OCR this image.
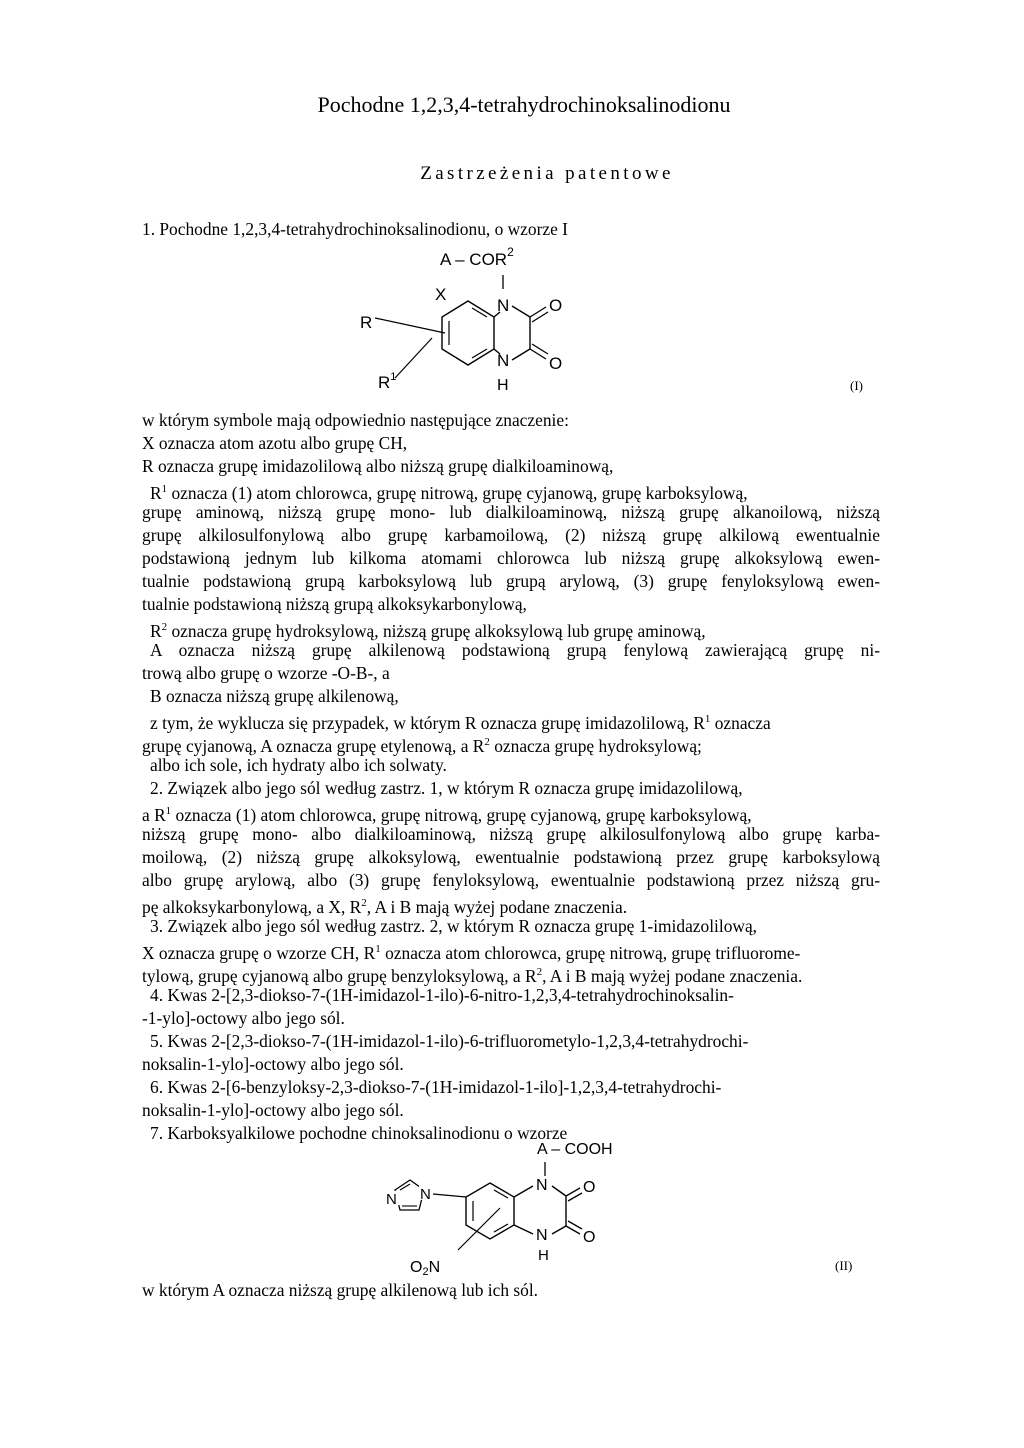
Pochodne 1,2,3,4-tetrahydrochinoksalinodionu
Zastrzeżenia patentowe
1. Pochodne 1,2,3,4-tetrahydrochinoksalinodionu, o wzorze I
A – COR$^2$
X
N O
N O
H
R
$R^1$
(I)
w którym symbole mają odpowiednio następujące znaczenie:
X oznacza atom azotu albo grupę CH,
R oznacza grupę imidazolilową albo niższą grupę dialkiloaminową,
$R^1$ oznacza (1) atom chlorowca, grupę nitrową, grupę cyjanową, grupę karboksylową,
grupę aminową, niższą grupę mono- lub dialkiloaminową, niższą grupę alkanoilową, niższą
grupę alkilosulfonylową albo grupę karbamoilową, (2) niższą grupę alkilową ewentualnie
podstawioną jednym lub kilkoma atomami chlorowca lub niższą grupę alkoksylową ewen-
tualnie podstawioną grupą karboksylową lub grupą arylową, (3) grupę fenyloksylową ewen-
tualnie podstawioną niższą grupą alkoksykarbonylową,
$R^2$ oznacza grupę hydroksylową, niższą grupę alkoksylową lub grupę aminową,
A oznacza niższą grupę alkilenową podstawioną grupą fenylową zawierającą grupę ni-
trową albo grupę o wzorze -O-B-, a
B oznacza niższą grupę alkilenową,
z tym, że wyklucza się przypadek, w którym R oznacza grupę imidazolilową, $R^1$ oznacza
grupę cyjanową, A oznacza grupę etylenową, a $R^2$ oznacza grupę hydroksylową;
albo ich sole, ich hydraty albo ich solwaty.
2. Związek albo jego sól według zastrz. 1, w którym R oznacza grupę imidazolilową,
a $R^1$ oznacza (1) atom chlorowca, grupę nitrową, grupę cyjanową, grupę karboksylową,
niższą grupę mono- albo dialkiloaminową, niższą grupę alkilosulfonylową albo grupę karba-
moilową, (2) niższą grupę alkoksylową, ewentualnie podstawioną przez grupę karboksylową
albo grupę arylową, albo (3) grupę fenyloksylową, ewentualnie podstawioną przez niższą gru-
pę alkoksykarbonylową, a X, $R^2$, A i B mają wyżej podane znaczenia.
3. Związek albo jego sól według zastrz. 2, w którym R oznacza grupę 1-imidazolilową,
X oznacza grupę o wzorze CH, $R^1$ oznacza atom chlorowca, grupę nitrową, grupę trifluorome-
tylową, grupę cyjanową albo grupę benzyloksylową, a $R^2$, A i B mają wyżej podane znaczenia.
4. Kwas 2-[2,3-diokso-7-(1H-imidazol-1-ilo)-6-nitro-1,2,3,4-tetrahydrochinoksalin-
-1-ylo]-octowy albo jego sól.
5. Kwas 2-[2,3-diokso-7-(1H-imidazol-1-ilo)-6-trifluorometylo-1,2,3,4-tetrahydrochi-
noksalin-1-ylo]-octowy albo jego sól.
6. Kwas 2-[6-benzyloksy-2,3-diokso-7-(1H-imidazol-1-ilo]-1,2,3,4-tetrahydrochi-
noksalin-1-ylo]-octowy albo jego sól.
7. Karboksyalkilowe pochodne chinoksalinodionu o wzorze
A – COOH
N O
N O
H
N N
O2N	(II)
w którym A oznacza niższą grupę alkilenową lub ich sól.
